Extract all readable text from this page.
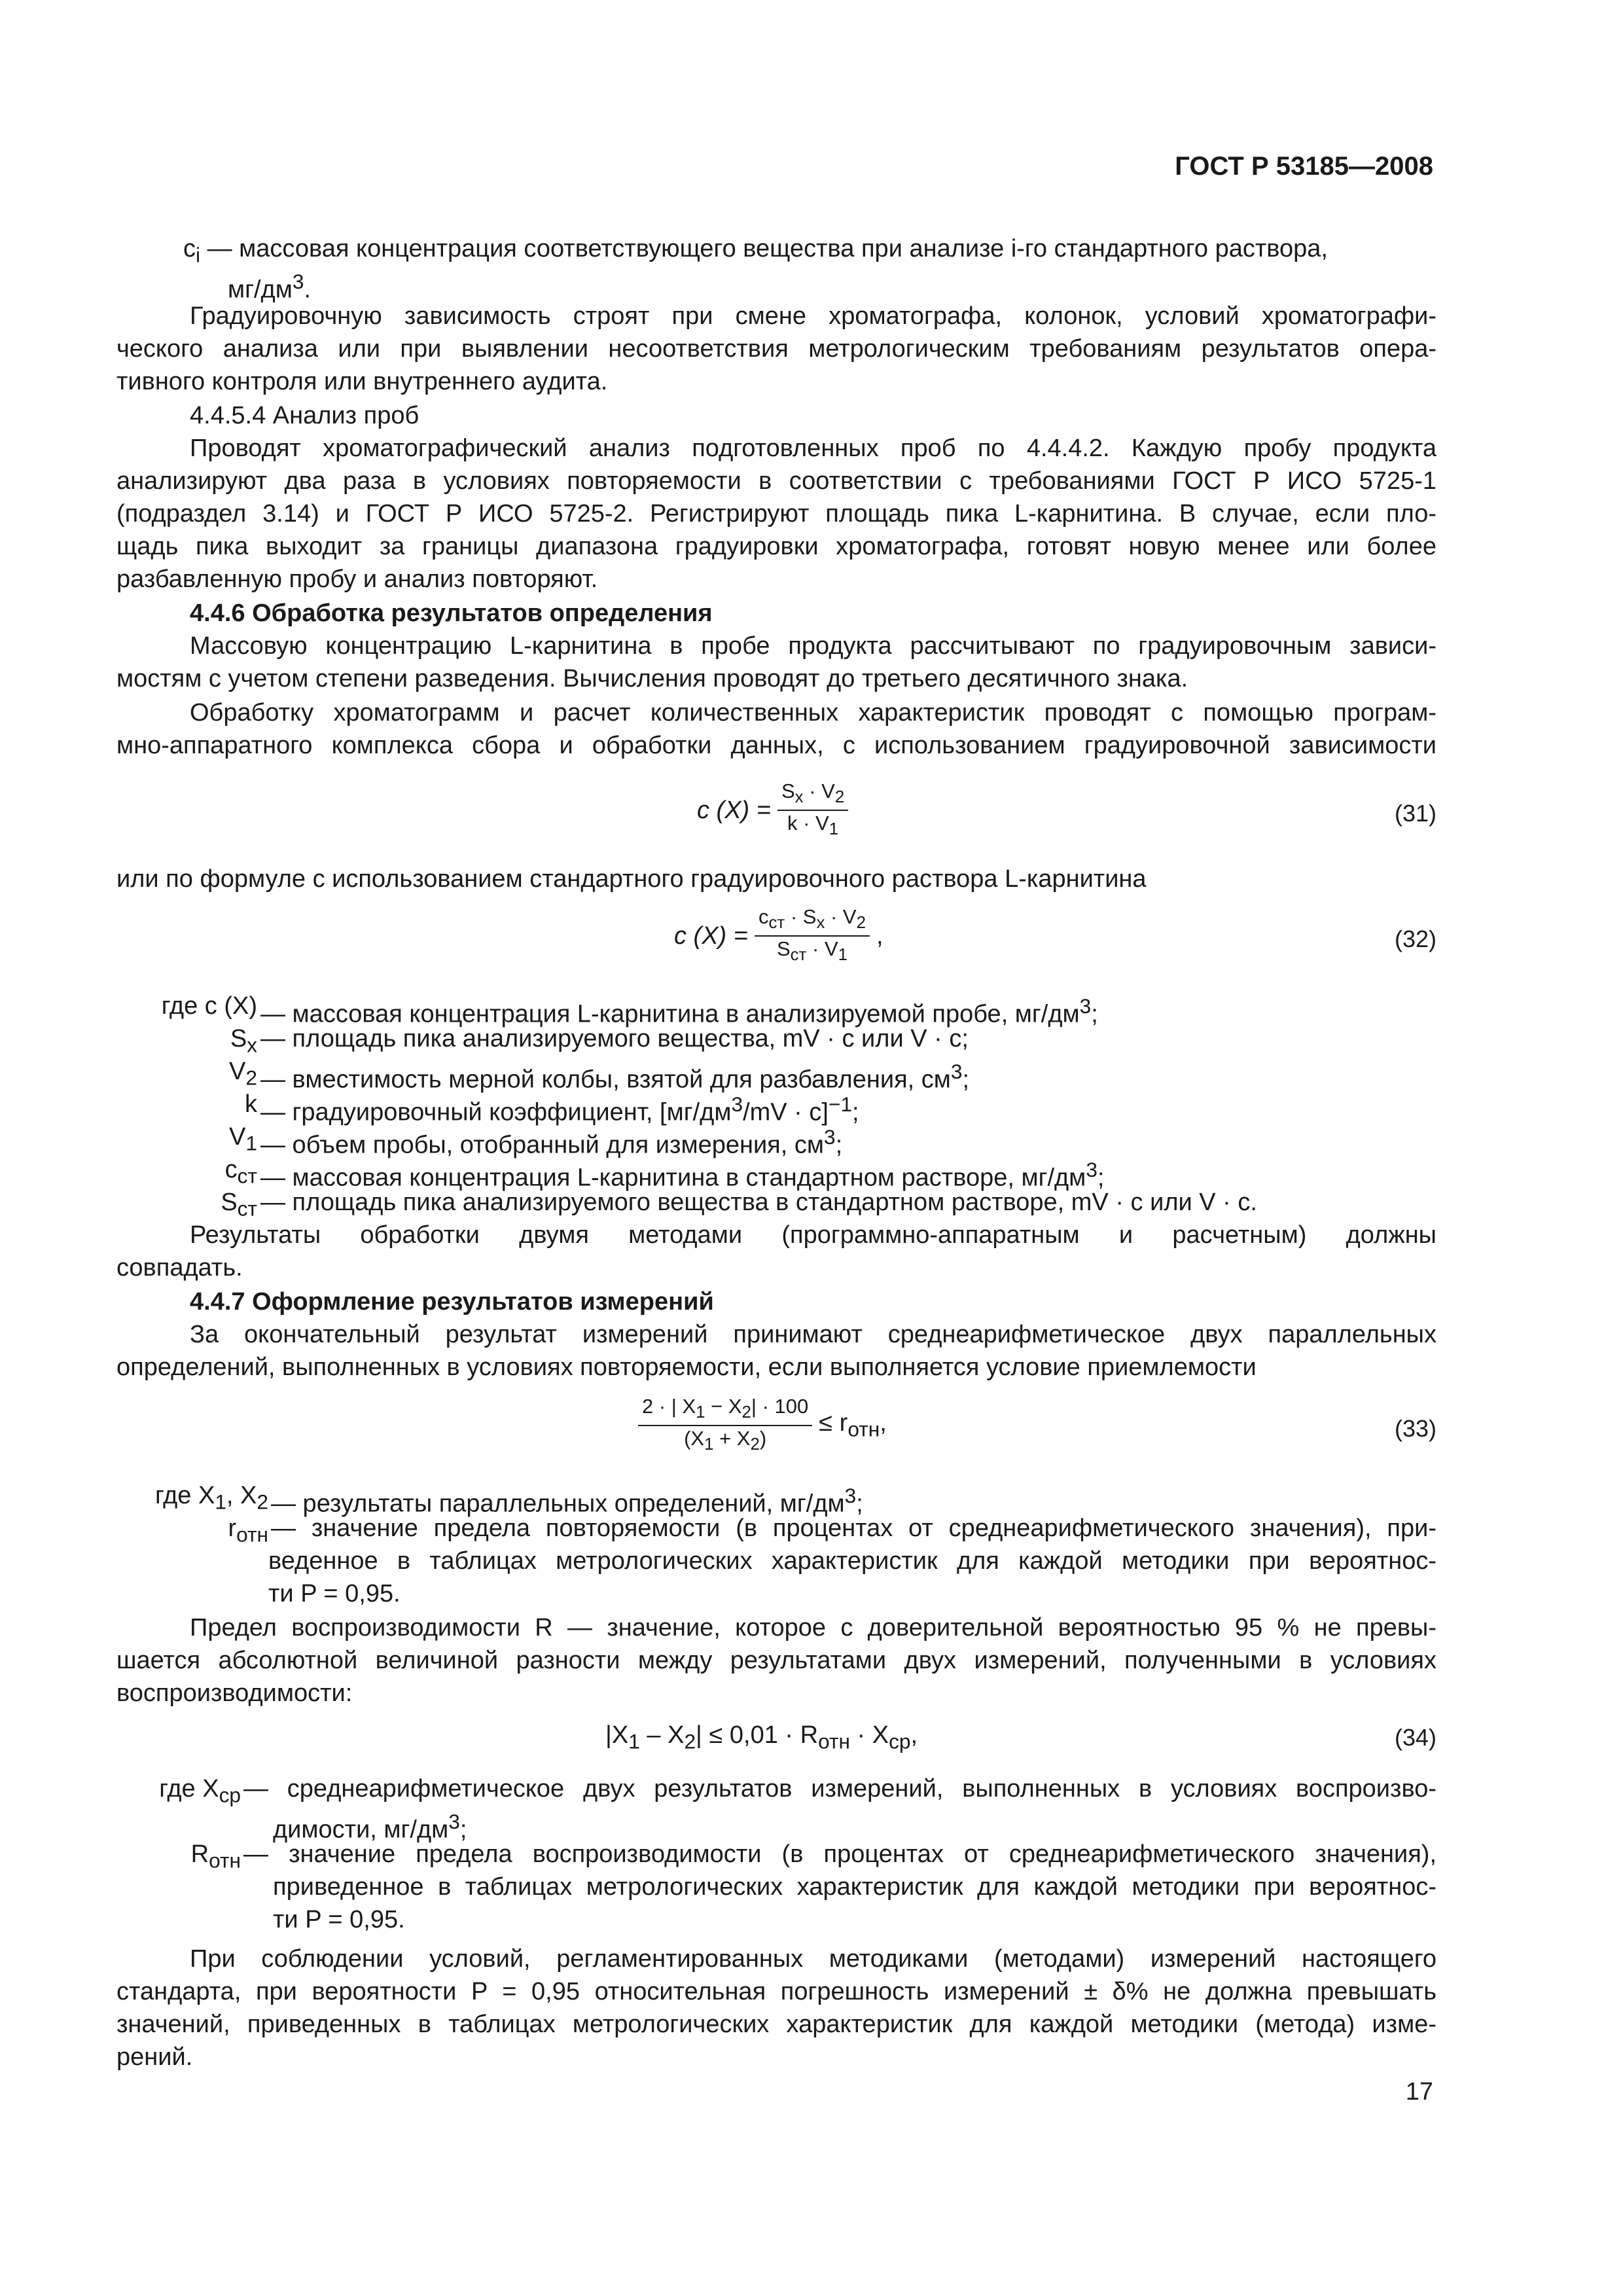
ГОСТ Р 53185—2008
$c_i$ — массовая концентрация соответствующего вещества при анализе i-го стандартного раствора,
$мг/дм^3$.
Градуировочную зависимость строят при смене хроматографа, колонок, условий хроматографи-
ческого анализа или при выявлении несоответствия метрологическим требованиям результатов опера-
тивного контроля или внутреннего аудита.
4.4.5.4 Анализ проб
Проводят хроматографический анализ подготовленных проб по 4.4.4.2. Каждую пробу продукта
анализируют два раза в условиях повторяемости в соответствии с требованиями ГОСТ Р ИСО 5725-1
(подраздел 3.14) и ГОСТ Р ИСО 5725-2. Регистрируют площадь пика L-карнитина. В случае, если пло-
щадь пика выходит за границы диапазона градуировки хроматографа, готовят новую менее или более
разбавленную пробу и анализ повторяют.
4.4.6 Обработка результатов определения
Массовую концентрацию L-карнитина в пробе продукта рассчитывают по градуировочным зависи-
мостям с учетом степени разведения. Вычисления проводят до третьего десятичного знака.
Обработку хроматограмм и расчет количественных характеристик проводят с помощью програм-
мно-аппаратного комплекса сбора и обработки данных, с использованием градуировочной зависимости
c $(X) = \frac{S_x \cdot V_2}{k \cdot V_1}$	(31)
или по формуле с использованием стандартного градуировочного раствора L-карнитина
c $(X) = \frac{c_{ст} \cdot S_x \cdot V_2}{S_{ст} \cdot V_1}$ ,	(32)
где c (X) — массовая концентрация L-карнитина в анализируемой пробе, $мг/дм^3$;
$S_x$ — площадь пика анализируемого вещества, mV · с или V · с;
$V_2$ — вместимость мерной колбы, взятой для разбавления, $см^3$;
k — градуировочный коэффициент, $[мг/дм^3/mV \cdot с]^{-1}$;
$V_1$ — объем пробы, отобранный для измерения, $см^3$;
$c_{ст}$ — массовая концентрация L-карнитина в стандартном растворе, $мг/дм^3$;
$S_{ст}$ — площадь пика анализируемого вещества в стандартном растворе, mV · с или V · с.
Результаты обработки двумя методами (программно-аппаратным и расчетным) должны
совпадать.
4.4.7 Оформление результатов измерений
За окончательный результат измерений принимают среднеарифметическое двух параллельных
определений, выполненных в условиях повторяемости, если выполняется условие приемлемости
$\frac{2 \cdot | X_1 - X_2| \cdot 100}{(X_1 + X_2)} \le r_{отн}$,	(33)
где $X_1$, $X_2$ — результаты параллельных определений, $мг/дм^3$;
$r_{отн}$ — значение предела повторяемости (в процентах от среднеарифметического значения), при-
веденное в таблицах метрологических характеристик для каждой методики при вероятнос-
ти P = 0,95.
Предел воспроизводимости R — значение, которое с доверительной вероятностью 95 % не превы-
шается абсолютной величиной разности между результатами двух измерений, полученными в условиях
воспроизводимости:
$|X_1 - X_2| \le 0,01 \cdot R_{отн} \cdot X_{ср}$,	(34)
где $X_{ср}$ — среднеарифметическое двух результатов измерений, выполненных в условиях воспроизво-
димости, $мг/дм^3$;
$R_{отн}$ — значение предела воспроизводимости (в процентах от среднеарифметического значения),
приведенное в таблицах метрологических характеристик для каждой методики при вероятнос-
ти P = 0,95.
При соблюдении условий, регламентированных методиками (методами) измерений настоящего
стандарта, при вероятности P = 0,95 относительная погрешность измерений ± δ% не должна превышать
значений, приведенных в таблицах метрологических характеристик для каждой методики (метода) изме-
рений.
17
